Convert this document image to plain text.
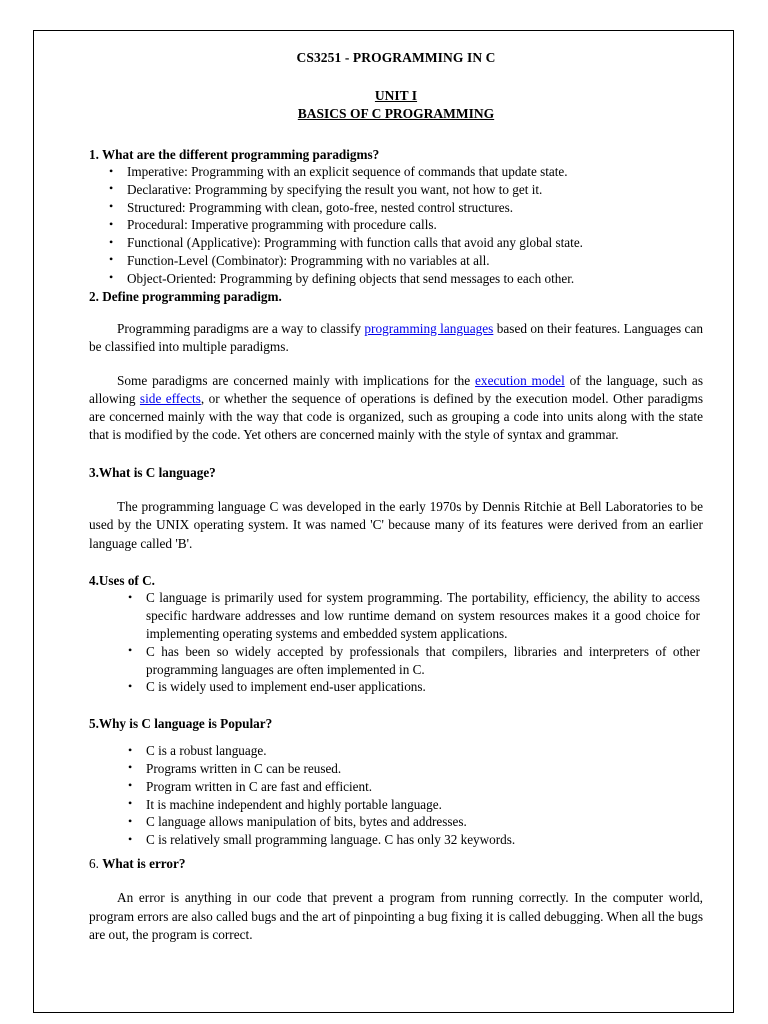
CS3251 - PROGRAMMING IN C
UNIT I
BASICS OF C PROGRAMMING
1. What are the different programming paradigms?
• Imperative: Programming with an explicit sequence of commands that update state.
• Declarative: Programming by specifying the result you want, not how to get it.
• Structured: Programming with clean, goto-free, nested control structures.
• Procedural: Imperative programming with procedure calls.
• Functional (Applicative): Programming with function calls that avoid any global state.
• Function-Level (Combinator): Programming with no variables at all.
• Object-Oriented: Programming by defining objects that send messages to each other.
2. Define programming paradigm.

Programming paradigms are a way to classify programming languages based on their features. Languages can be classified into multiple paradigms.

Some paradigms are concerned mainly with implications for the execution model of the language, such as allowing side effects, or whether the sequence of operations is defined by the execution model. Other paradigms are concerned mainly with the way that code is organized, such as grouping a code into units along with the state that is modified by the code. Yet others are concerned mainly with the style of syntax and grammar.

3.What is C language?

The programming language C was developed in the early 1970s by Dennis Ritchie at Bell Laboratories to be used by the UNIX operating system. It was named 'C' because many of its features were derived from an earlier language called 'B'.

4.Uses of C.
• C language is primarily used for system programming. The portability, efficiency, the ability to access specific hardware addresses and low runtime demand on system resources makes it a good choice for implementing operating systems and embedded system applications.
• C has been so widely accepted by professionals that compilers, libraries and interpreters of other programming languages are often implemented in C.
• C is widely used to implement end-user applications.
5.Why is C language is Popular?
• C is a robust language.
• Programs written in C can be reused.
• Program written in C are fast and efficient.
• It is machine independent and highly portable language.
• C language allows manipulation of bits, bytes and addresses.
• C is relatively small programming language. C has only 32 keywords.
6. What is error?

An error is anything in our code that prevent a program from running correctly. In the computer world, program errors are also called bugs and the art of pinpointing a bug fixing it is called debugging. When all the bugs are out, the program is correct.
